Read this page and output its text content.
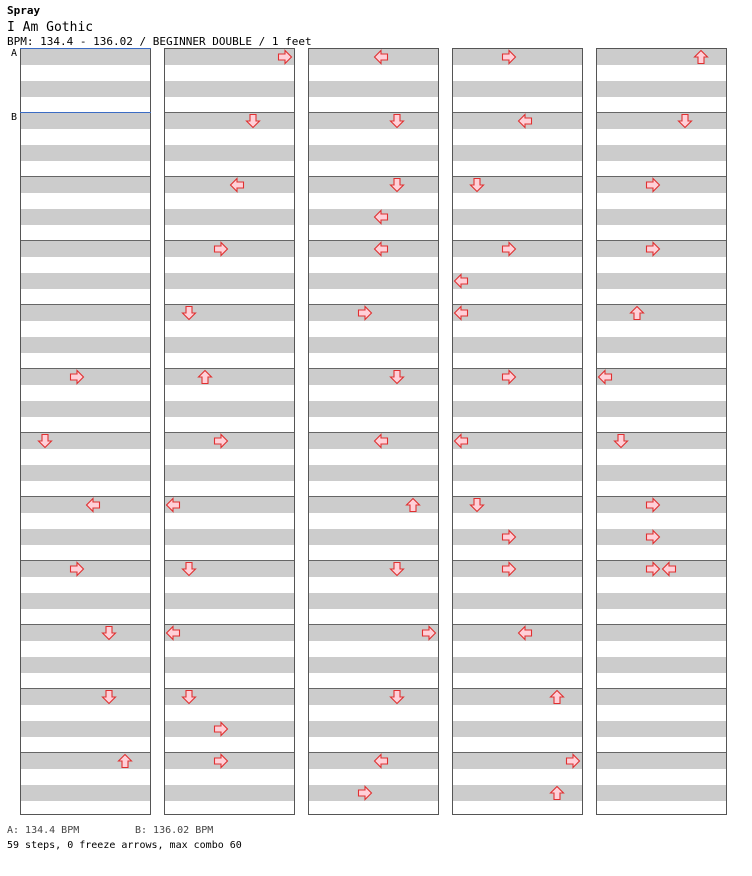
Spray
I Am Gothic
BPM: 134.4 - 136.02 / BEGINNER DOUBLE / 1 feet
A
B
A: 134.4 BPM	B: 136.02 BPM
59 steps, 0 freeze arrows, max combo 60
